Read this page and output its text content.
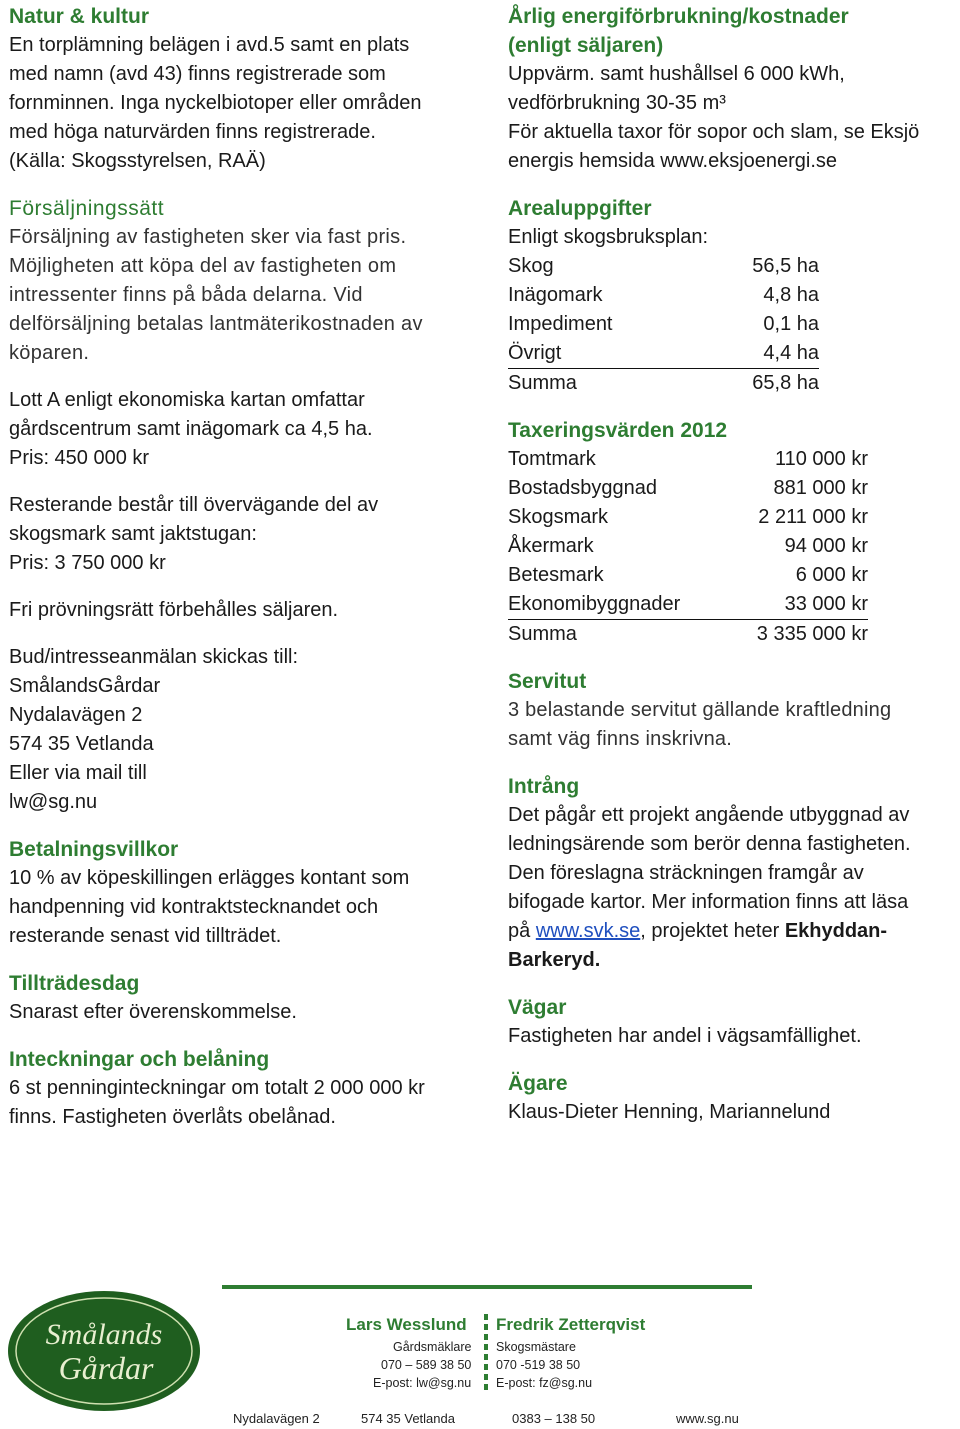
Natur & kultur

En torplämning belägen i avd.5 samt en plats
med namn (avd 43) finns registrerade som
fornminnen. Inga nyckelbiotoper eller områden
med höga naturvärden finns registrerade.
(Källa: Skogsstyrelsen, RAÄ)

Försäljningssätt

Försäljning av fastigheten sker via fast pris.
Möjligheten att köpa del av fastigheten om
intressenter finns på båda delarna. Vid
delförsäljning betalas lantmäterikostnaden av
köparen.

Lott A enligt ekonomiska kartan omfattar
gårdscentrum samt inägomark ca 4,5 ha.
Pris: 450 000 kr

Resterande består till övervägande del av
skogsmark samt jaktstugan:
Pris: 3 750 000 kr

Fri prövningsrätt förbehålles säljaren.

Bud/intresseanmälan skickas till:
SmålandsGårdar
Nydalavägen 2
574 35 Vetlanda
Eller via mail till
lw@sg.nu

Betalningsvillkor

10 % av köpeskillingen erlägges kontant som
handpenning vid kontraktstecknandet och
resterande senast vid tillträdet.

Tillträdesdag

Snarast efter överenskommelse.

Inteckningar och belåning

6 st penninginteckningar om totalt 2 000 000 kr
finns. Fastigheten överlåts obelånad.

Årlig energiförbrukning/kostnader
(enligt säljaren)

Uppvärm. samt hushållsel 6 000 kWh,
vedförbrukning 30-35 m³
För aktuella taxor för sopor och slam, se Eksjö
energis hemsida www.eksjoenergi.se

Arealuppgifter

Enligt skogsbruksplan:

Skog	56,5 ha
Inägomark	4,8 ha
Impediment	0,1 ha
Övrigt	4,4 ha
Summa	65,8 ha

Taxeringsvärden 2012

Tomtmark	110 000 kr
Bostadsbyggnad	881 000 kr
Skogsmark	2 211 000 kr
Åkermark	94 000 kr
Betesmark	6 000 kr
Ekonomibyggnader	33 000 kr
Summa	3 335 000 kr

Servitut

3 belastande servitut gällande kraftledning
samt väg finns inskrivna.

Intrång

Det pågår ett projekt angående utbyggnad av
ledningsärende som berör denna fastigheten.
Den föreslagna sträckningen framgår av
bifogade kartor. Mer information finns att läsa
på www.svk.se, projektet heter Ekhyddan-
Barkeryd.

Vägar

Fastigheten har andel i vägsamfällighet.

Ägare

Klaus-Dieter Henning, Mariannelund

Smålands
Gårdar
Lars Wesslund
Gårdsmäklare
070 – 589 38 50
E-post: lw@sg.nu
Fredrik Zetterqvist
Skogsmästare
070 -519 38 50
E-post: fz@sg.nu
Nydalavägen 2	574 35 Vetlanda	0383 – 138 50	www.sg.nu
